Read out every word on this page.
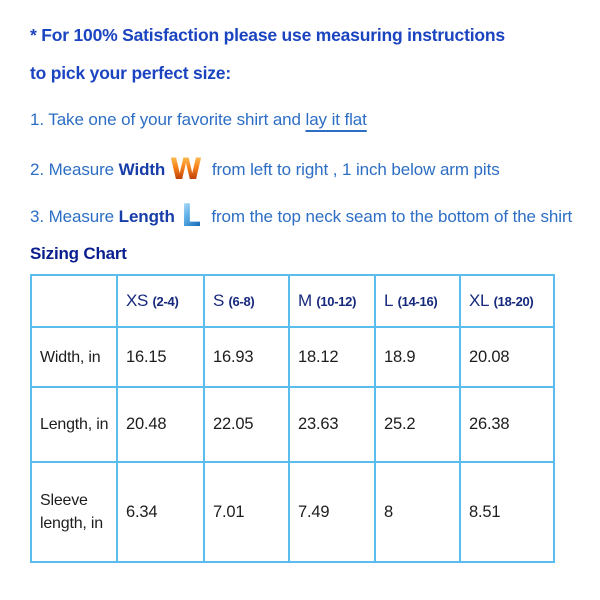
* For 100% Satisfaction please use measuring instructions
to pick your perfect size:
1. Take one of your favorite shirt and lay it flat
2. Measure Width W from left to right , 1 inch below arm pits
3. Measure Length L from the top neck seam to the bottom of the shirt
Sizing Chart
	XS (2-4)	S (6-8)	M (10-12)	L (14-16)	XL (18-20)
Width, in	16.15	16.93	18.12	18.9	20.08
Length, in	20.48	22.05	23.63	25.2	26.38
Sleeve length, in	6.34	7.01	7.49	8	8.51
